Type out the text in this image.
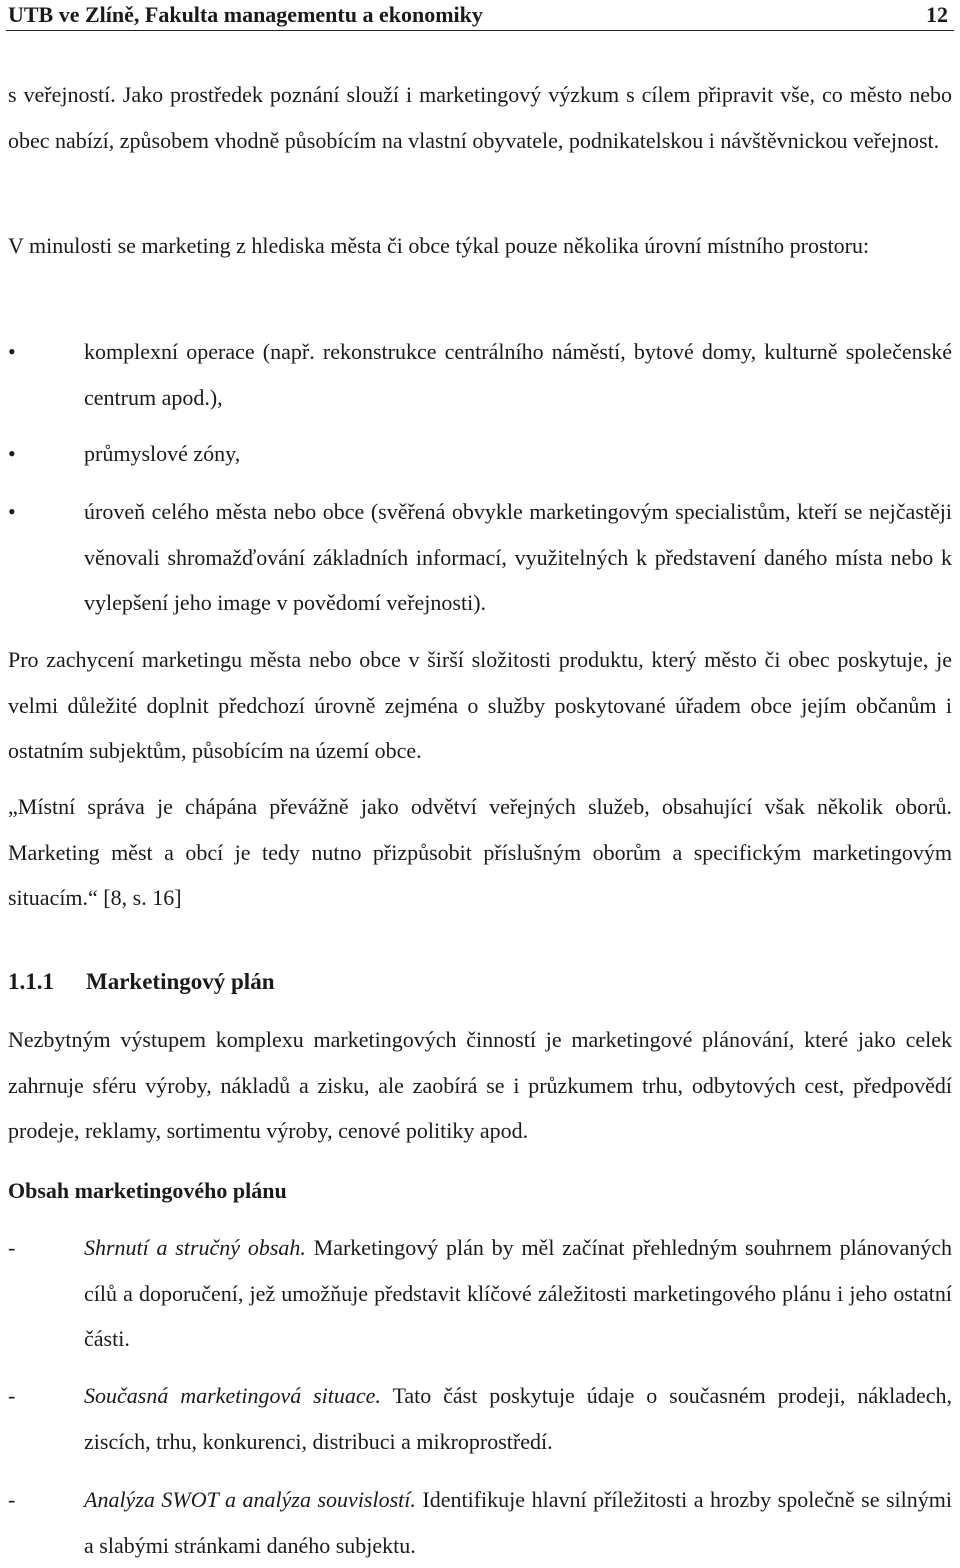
UTB ve Zlíně, Fakulta managementu a ekonomiky	12

s veřejností. Jako prostředek poznání slouží i marketingový výzkum s cílem připravit vše, co město nebo obec nabízí, způsobem vhodně působícím na vlastní obyvatele, podnikatelskou i návštěvnickou veřejnost.

V minulosti se marketing z hlediska města či obce týkal pouze několika úrovní místního prostoru:

•	komplexní operace (např. rekonstrukce centrálního náměstí, bytové domy, kulturně společenské centrum apod.),

•	průmyslové zóny,

•	úroveň celého města nebo obce (svěřená obvykle marketingovým specialistům, kteří se nejčastěji věnovali shromažďování základních informací, využitelných k představení daného místa nebo k vylepšení jeho image v povědomí veřejnosti).

Pro zachycení marketingu města nebo obce v širší složitosti produktu, který město či obec poskytuje, je velmi důležité doplnit předchozí úrovně zejména o služby poskytované úřadem obce jejím občanům i ostatním subjektům, působícím na území obce.

„Místní správa je chápána převážně jako odvětví veřejných služeb, obsahující však několik oborů. Marketing měst a obcí je tedy nutno přizpůsobit příslušným oborům a specifickým marketingovým situacím.“ [8, s. 16]

1.1.1 Marketingový plán

Nezbytným výstupem komplexu marketingových činností je marketingové plánování, které jako celek zahrnuje sféru výroby, nákladů a zisku, ale zaobírá se i průzkumem trhu, odbytových cest, předpovědí prodeje, reklamy, sortimentu výroby, cenové politiky apod.

Obsah marketingového plánu
-	Shrnutí a stručný obsah. Marketingový plán by měl začínat přehledným souhrnem plánovaných cílů a doporučení, jež umožňuje představit klíčové záležitosti marketingového plánu i jeho ostatní části.

-	Současná marketingová situace. Tato část poskytuje údaje o současném prodeji, nákladech, ziscích, trhu, konkurenci, distribuci a mikroprostředí.

-	Analýza SWOT a analýza souvislostí. Identifikuje hlavní příležitosti a hrozby společně se silnými a slabými stránkami daného subjektu.
